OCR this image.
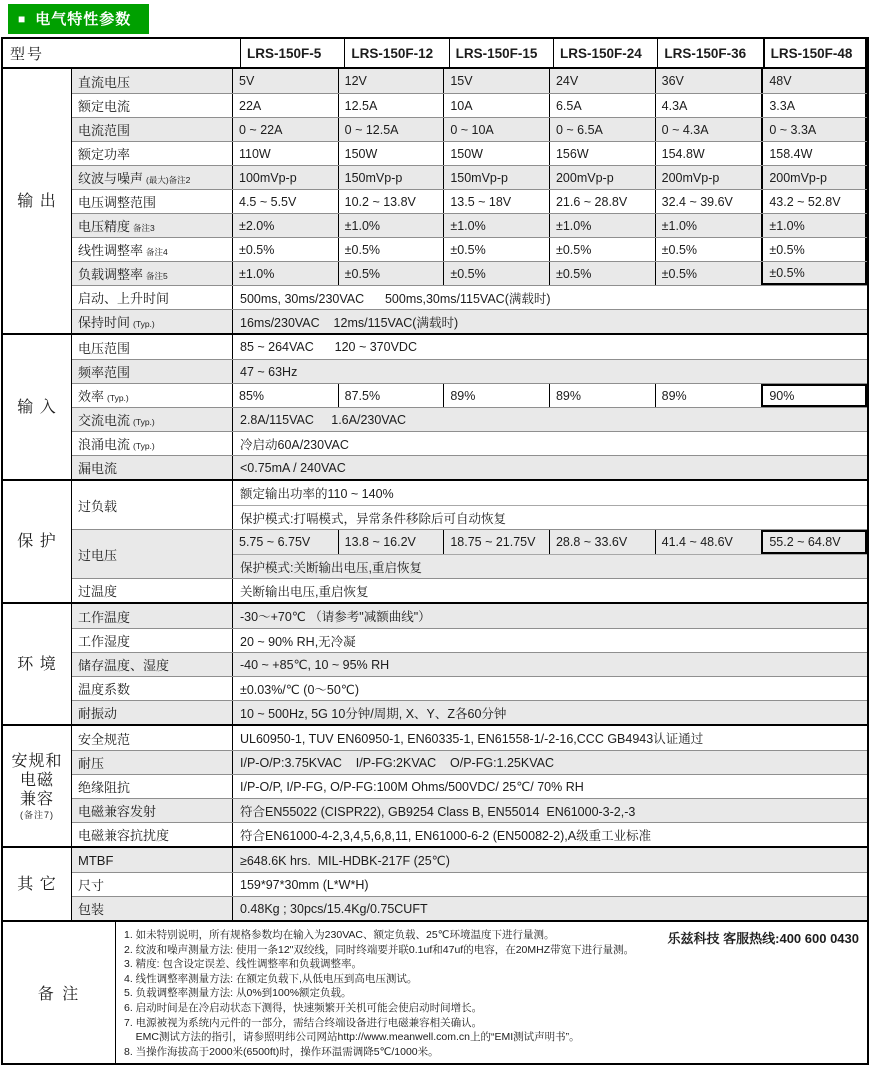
■ 电气特性参数
型号	LRS-150F-5	LRS-150F-12	LRS-150F-15	LRS-150F-24	LRS-150F-36	LRS-150F-48
输 出
直流电压	5V	12V	15V	24V	36V	48V
额定电流	22A	12.5A	10A	6.5A	4.3A	3.3A
电流范围	0 ~ 22A	0 ~ 12.5A	0 ~ 10A	0 ~ 6.5A	0 ~ 4.3A	0 ~ 3.3A
额定功率	110W	150W	150W	156W	154.8W	158.4W
纹波与噪声 (最大)备注2	100mVp-p	150mVp-p	150mVp-p	200mVp-p	200mVp-p	200mVp-p
电压调整范围	4.5 ~ 5.5V	10.2 ~ 13.8V	13.5 ~ 18V	21.6 ~ 28.8V	32.4 ~ 39.6V	43.2 ~ 52.8V
电压精度 备注3	±2.0%	±1.0%	±1.0%	±1.0%	±1.0%	±1.0%
线性调整率 备注4	±0.5%	±0.5%	±0.5%	±0.5%	±0.5%	±0.5%
负载调整率 备注5	±1.0%	±0.5%	±0.5%	±0.5%	±0.5%	±0.5%
启动、上升时间	500ms, 30ms/230VAC      500ms,30ms/115VAC(满载时)
保持时间 (Typ.)	16ms/230VAC    12ms/115VAC(满载时)
输 入
电压范围	85 ~ 264VAC      120 ~ 370VDC
频率范围	47 ~ 63Hz
效率 (Typ.)	85%	87.5%	89%	89%	89%	90%
交流电流 (Typ.)	2.8A/115VAC     1.6A/230VAC
浪涌电流 (Typ.)	冷启动60A/230VAC
漏电流	<0.75mA / 240VAC
保 护
过负载
额定输出功率的110 ~ 140%
保护模式:打嗝模式，异常条件移除后可自动恢复
过电压
5.75 ~ 6.75V	13.8 ~ 16.2V	18.75 ~ 21.75V	28.8 ~ 33.6V	41.4 ~ 48.6V	55.2 ~ 64.8V
保护模式:关断输出电压,重启恢复
过温度	关断输出电压,重启恢复
环 境
工作温度	-30～+70℃ （请参考"减额曲线"）
工作湿度	20 ~ 90% RH,无冷凝
储存温度、湿度	-40 ~ +85℃, 10 ~ 95% RH
温度系数	±0.03%/℃ (0～50℃)
耐振动	10 ~ 500Hz, 5G 10分钟/周期, X、Y、Z各60分钟
安规和
电磁
兼容
(备注7)
安全规范	UL60950-1, TUV EN60950-1, EN60335-1, EN61558-1/-2-16,CCC GB4943认证通过
耐压	I/P-O/P:3.75KVAC    I/P-FG:2KVAC    O/P-FG:1.25KVAC
绝缘阻抗	I/P-O/P, I/P-FG, O/P-FG:100M Ohms/500VDC/ 25℃/ 70% RH
电磁兼容发射	符合EN55022 (CISPR22), GB9254 Class B, EN55014  EN61000-3-2,-3
电磁兼容抗扰度	符合EN61000-4-2,3,4,5,6,8,11, EN61000-6-2 (EN50082-2),A级重工业标准
其 它
MTBF	≥648.6K hrs.  MIL-HDBK-217F (25℃)
尺寸	159*97*30mm (L*W*H)
包装	0.48Kg ; 30pcs/15.4Kg/0.75CUFT
备 注
乐兹科技 客服热线:400 600 0430
1. 如未特别说明，所有规格参数均在输入为230VAC、额定负载、25℃环境温度下进行量测。
2. 纹波和噪声测量方法: 使用一条12"双绞线，同时终端要并联0.1uf和47uf的电容，在20MHZ带宽下进行量测。
3. 精度: 包含设定误差、线性调整率和负载调整率。
4. 线性调整率测量方法: 在额定负载下,从低电压到高电压测试。
5. 负载调整率测量方法: 从0%到100%额定负载。
6. 启动时间是在冷启动状态下测得，快速频繁开关机可能会使启动时间增长。
7. 电源被视为系统内元件的一部分，需结合终端设备进行电磁兼容相关确认。
EMC测试方法的指引，请参照明纬公司网站http://www.meanwell.com.cn上的“EMI测试声明书”。
8. 当操作海拔高于2000米(6500ft)时，操作环温需调降5℃/1000米。
